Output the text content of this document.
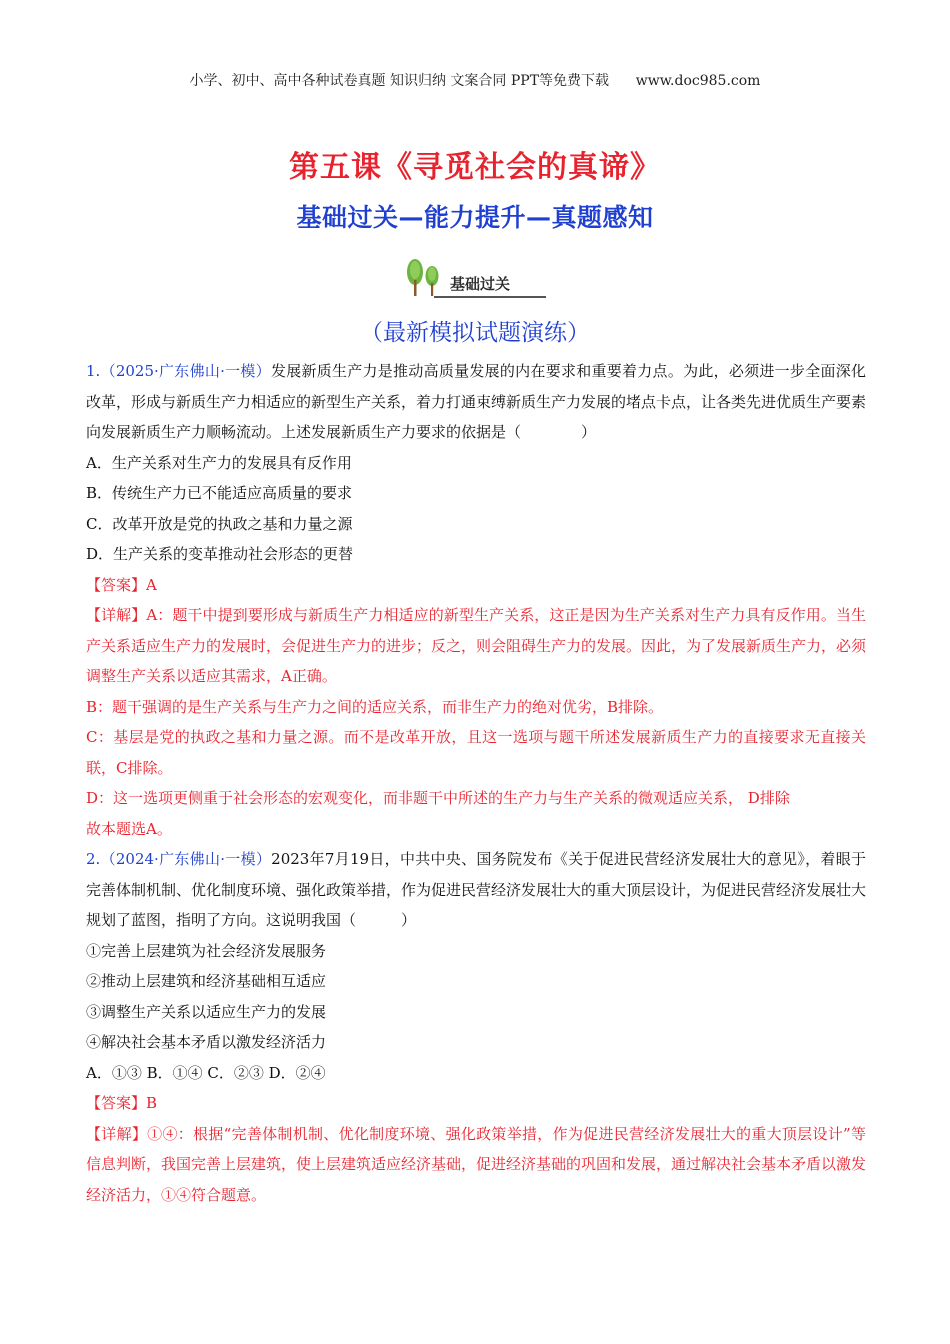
小学、初中、高中各种试卷真题 知识归纳 文案合同 PPT等免费下载      www.doc985.com
第五课《寻觅社会的真谛》
基础过关—能力提升—真题感知
基础过关
（最新模拟试题演练）

1.（2025·广东佛山·一模）发展新质生产力是推动高质量发展的内在要求和重要着力点。为此，必须进一步全面深化改革，形成与新质生产力相适应的新型生产关系，着力打通束缚新质生产力发展的堵点卡点，让各类先进优质生产要素向发展新质生产力顺畅流动。上述发展新质生产力要求的依据是（　　　　）

A．生产关系对生产力的发展具有反作用

B．传统生产力已不能适应高质量的要求

C．改革开放是党的执政之基和力量之源

D．生产关系的变革推动社会形态的更替

【答案】A

【详解】A：题干中提到要形成与新质生产力相适应的新型生产关系，这正是因为生产关系对生产力具有反作用。当生产关系适应生产力的发展时，会促进生产力的进步；反之，则会阻碍生产力的发展。因此，为了发展新质生产力，必须调整生产关系以适应其需求，A正确。

B：题干强调的是生产关系与生产力之间的适应关系，而非生产力的绝对优劣，B排除。

C：基层是党的执政之基和力量之源。而不是改革开放，且这一选项与题干所述发展新质生产力的直接要求无直接关联，C排除。

D：这一选项更侧重于社会形态的宏观变化，而非题干中所述的生产力与生产关系的微观适应关系， D排除

故本题选A。

2.（2024·广东佛山·一模）2023年7月19日，中共中央、国务院发布《关于促进民营经济发展壮大的意见》，着眼于完善体制机制、优化制度环境、强化政策举措，作为促进民营经济发展壮大的重大顶层设计，为促进民营经济发展壮大规划了蓝图，指明了方向。这说明我国（　　　）

①完善上层建筑为社会经济发展服务

②推动上层建筑和经济基础相互适应

③调整生产关系以适应生产力的发展

④解决社会基本矛盾以激发经济活力

A．①③ B．①④ C．②③ D．②④

【答案】B

【详解】①④：根据“完善体制机制、优化制度环境、强化政策举措，作为促进民营经济发展壮大的重大顶层设计”等信息判断，我国完善上层建筑，使上层建筑适应经济基础，促进经济基础的巩固和发展，通过解决社会基本矛盾以激发经济活力，①④符合题意。
